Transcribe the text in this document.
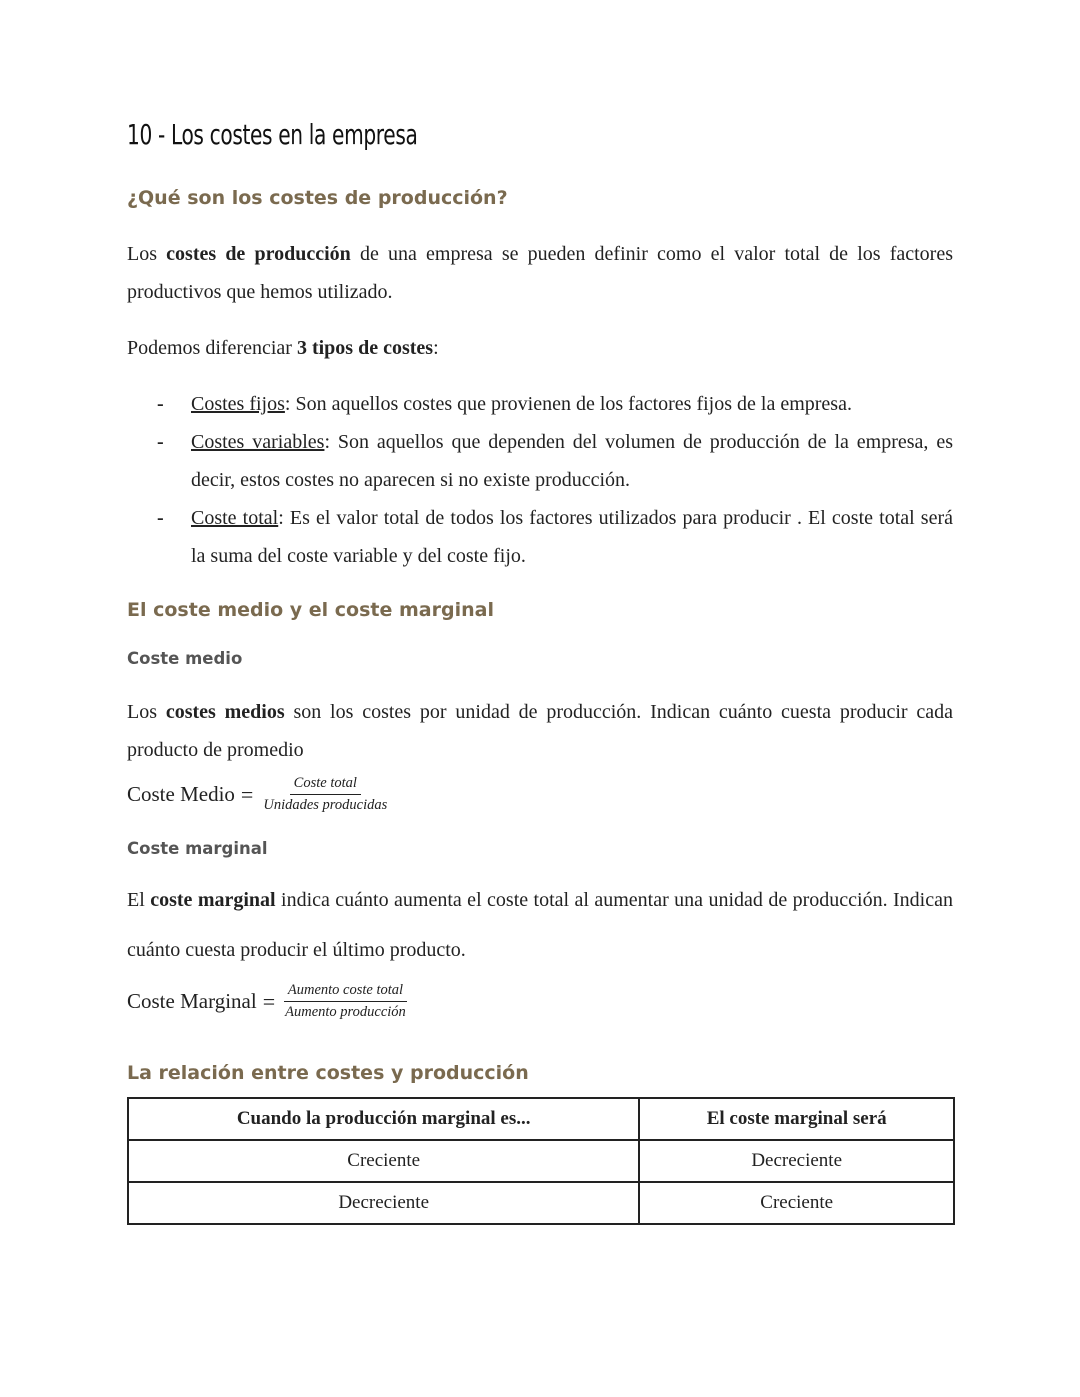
10 - Los costes en la empresa
¿Qué son los costes de producción?

Los costes de producción de una empresa se pueden definir como el valor total de los factores productivos que hemos utilizado.

Podemos diferenciar 3 tipos de costes:

- Costes fijos: Son aquellos costes que provienen de los factores fijos de la empresa.
- Costes variables: Son aquellos que dependen del volumen de producción de la empresa, es decir, estos costes no aparecen si no existe producción.
- Coste total: Es el valor total de todos los factores utilizados para producir . El coste total será la suma del coste variable y del coste fijo.
El coste medio y el coste marginal
Coste medio

Los costes medios son los costes por unidad de producción. Indican cuánto cuesta producir cada producto de promedio

Coste Medio = $\frac{\text{Coste total}}{\text{Unidades producidas}}$
Coste marginal

El coste marginal indica cuánto aumenta el coste total al aumentar una unidad de producción. Indican cuánto cuesta producir el último producto.

Coste Marginal = $\frac{\text{Aumento coste total}}{\text{Aumento producción}}$
La relación entre costes y producción
Cuando la producción marginal es...	El coste marginal será
Creciente	Decreciente
Decreciente	Creciente
